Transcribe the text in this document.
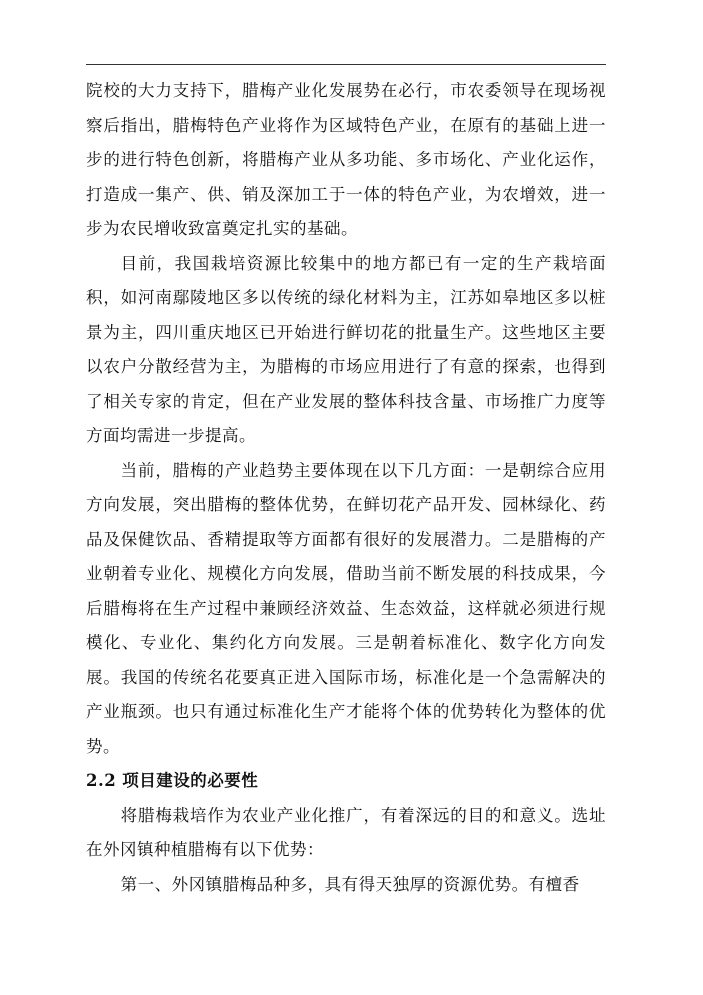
院校的大力支持下，腊梅产业化发展势在必行，市农委领导在现场视察后指出，腊梅特色产业将作为区域特色产业，在原有的基础上进一步的进行特色创新，将腊梅产业从多功能、多市场化、产业化运作，打造成一集产、供、销及深加工于一体的特色产业，为农增效，进一步为农民增收致富奠定扎实的基础。

目前，我国栽培资源比较集中的地方都已有一定的生产栽培面积，如河南鄢陵地区多以传统的绿化材料为主，江苏如皋地区多以桩景为主，四川重庆地区已开始进行鲜切花的批量生产。这些地区主要以农户分散经营为主，为腊梅的市场应用进行了有意的探索，也得到了相关专家的肯定，但在产业发展的整体科技含量、市场推广力度等方面均需进一步提高。

当前，腊梅的产业趋势主要体现在以下几方面：一是朝综合应用方向发展，突出腊梅的整体优势，在鲜切花产品开发、园林绿化、药品及保健饮品、香精提取等方面都有很好的发展潜力。二是腊梅的产业朝着专业化、规模化方向发展，借助当前不断发展的科技成果，今后腊梅将在生产过程中兼顾经济效益、生态效益，这样就必须进行规模化、专业化、集约化方向发展。三是朝着标准化、数字化方向发展。我国的传统名花要真正进入国际市场，标准化是一个急需解决的产业瓶颈。也只有通过标准化生产才能将个体的优势转化为整体的优势。

2.2 项目建设的必要性

将腊梅栽培作为农业产业化推广，有着深远的目的和意义。选址在外冈镇种植腊梅有以下优势：

第一、外冈镇腊梅品种多，具有得天独厚的资源优势。有檀香
